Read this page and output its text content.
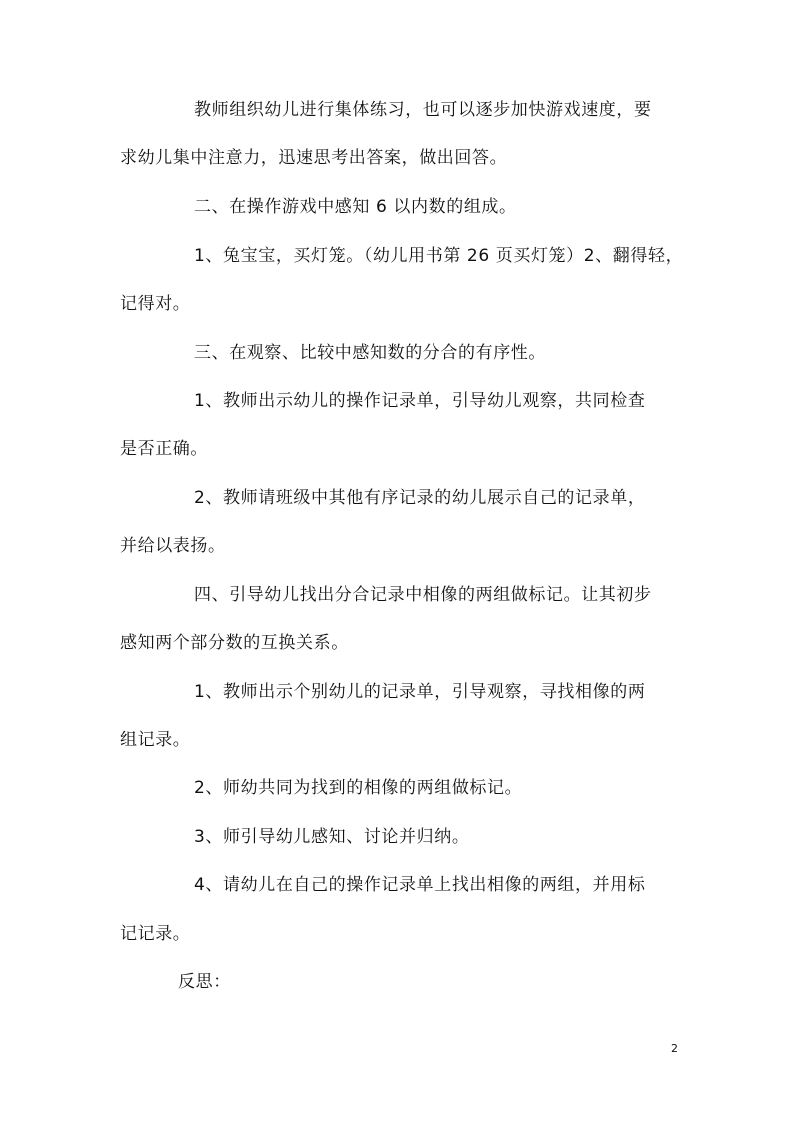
教师组织幼儿进行集体练习，也可以逐步加快游戏速度，要
求幼儿集中注意力，迅速思考出答案，做出回答。
二、在操作游戏中感知 6 以内数的组成。
1、兔宝宝，买灯笼。（幼儿用书第 26 页买灯笼）2、翻得轻，
记得对。
三、在观察、比较中感知数的分合的有序性。
1、教师出示幼儿的操作记录单，引导幼儿观察，共同检查
是否正确。
2、教师请班级中其他有序记录的幼儿展示自己的记录单，
并给以表扬。
四、引导幼儿找出分合记录中相像的两组做标记。让其初步
感知两个部分数的互换关系。
1、教师出示个别幼儿的记录单，引导观察，寻找相像的两
组记录。
2、师幼共同为找到的相像的两组做标记。
3、师引导幼儿感知、讨论并归纳。
4、请幼儿在自己的操作记录单上找出相像的两组，并用标
记记录。
反思：
2
